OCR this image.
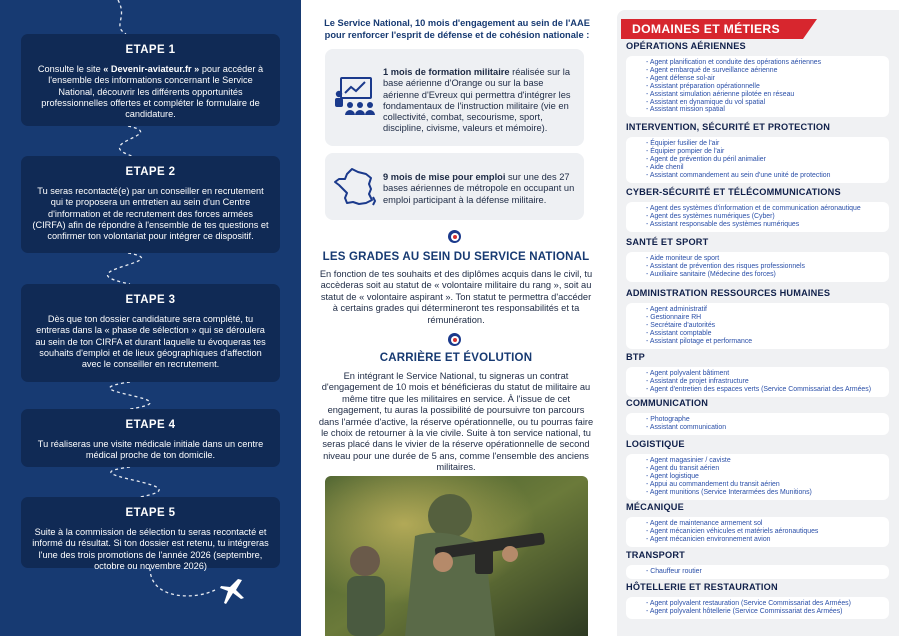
ETAPE 1

Consulte le site « Devenir-aviateur.fr » pour accéder à l'ensemble des informations concernant le Service National, découvrir les différents opportunités professionnelles offertes et compléter le formulaire de candidature.

ETAPE 2

Tu seras recontacté(e) par un conseiller en recrutement qui te proposera un entretien au sein d'un Centre d'information et de recrutement des forces armées (CIRFA) afin de répondre à l'ensemble de tes questions et confirmer ton volontariat pour intégrer ce dispositif.

ETAPE 3

Dès que ton dossier candidature sera complété, tu entreras dans la « phase de sélection » qui se déroulera au sein de ton CIRFA et durant laquelle tu évoqueras tes souhaits d'emploi et de lieux géographiques d'affection avec le conseiller en recrutement.

ETAPE 4

Tu réaliseras une visite médicale initiale dans un centre médical proche de ton domicile.

ETAPE 5

Suite à la commission de sélection tu seras recontacté et informé du résultat. Si ton dossier est retenu, tu intégreras l'une des trois promotions de l'année 2026 (septembre, octobre ou novembre 2026)

Le Service National, 10 mois d'engagement au sein de l'AAE pour renforcer l'esprit de défense et de cohésion nationale :
1 mois de formation militaire réalisée sur la base aérienne d'Orange ou sur la base aérienne d'Evreux qui permettra d'intégrer les fondamentaux de l'instruction militaire (vie en collectivité, combat, secourisme, sport, discipline, civisme, valeurs et mémoire).
9 mois de mise pour emploi sur une des 27 bases aériennes de métropole en occupant un emploi participant à la défense militaire.
LES GRADES AU SEIN DU SERVICE NATIONAL
En fonction de tes souhaits et des diplômes acquis dans le civil, tu accèderas soit au statut de « volontaire militaire du rang », soit au statut de « volontaire aspirant ». Ton statut te permettra d'accéder à certains grades qui détermineront tes responsabilités et ta rémunération.
CARRIÈRE ET ÉVOLUTION
En intégrant le Service National, tu signeras un contrat d'engagement de 10 mois et bénéficieras du statut de militaire au même titre que les militaires en service. À l'issue de cet engagement, tu auras la possibilité de poursuivre ton parcours dans l'armée d'active, la réserve opérationnelle, ou tu pourras faire le choix de retourner à la vie civile. Suite à ton service national, tu seras placé dans le vivier de la réserve opérationnelle de second niveau pour une durée de 5 ans, comme l'ensemble des anciens militaires.
DOMAINES ET MÉTIERS
OPÉRATIONS AÉRIENNES
- Agent planification et conduite des opérations aériennes
- Agent embarqué de surveillance aérienne
- Agent défense sol-air
- Assistant préparation opérationnelle
- Assistant simulation aérienne pilotée en réseau
- Assistant en dynamique du vol spatial
- Assistant mission spatial
INTERVENTION, SÉCURITÉ ET PROTECTION
- Équipier fusilier de l'air
- Équipier pompier de l'air
- Agent de prévention du péril animalier
- Aide chenil
- Assistant commandement au sein d'une unité de protection
CYBER-SÉCURITÉ ET TÉLÉCOMMUNICATIONS
- Agent des systèmes d'information et de communication aéronautique
- Agent des systèmes numériques (Cyber)
- Assistant responsable des systèmes numériques
SANTÉ ET SPORT
- Aide moniteur de sport
- Assistant de prévention des risques professionnels
- Auxiliaire sanitaire (Médecine des forces)
ADMINISTRATION RESSOURCES HUMAINES
- Agent administratif
- Gestionnaire RH
- Secrétaire d'autorités
- Assistant comptable
- Assistant pilotage et performance
BTP
- Agent polyvalent bâtiment
- Assistant de projet infrastructure
- Agent d'entretien des espaces verts (Service Commissariat des Armées)
COMMUNICATION
- Photographe
- Assistant communication
LOGISTIQUE
- Agent magasinier / caviste
- Agent du transit aérien
- Agent logistique
- Appui au commandement du transit aérien
- Agent munitions (Service Interarmées des Munitions)
MÉCANIQUE
- Agent de maintenance armement sol
- Agent mécanicien véhicules et matériels aéronautiques
- Agent mécanicien environnement avion
TRANSPORT
- Chauffeur routier
HÔTELLERIE ET RESTAURATION
- Agent polyvalent restauration (Service Commissariat des Armées)
- Agent polyvalent hôtellerie (Service Commissariat des Armées)
